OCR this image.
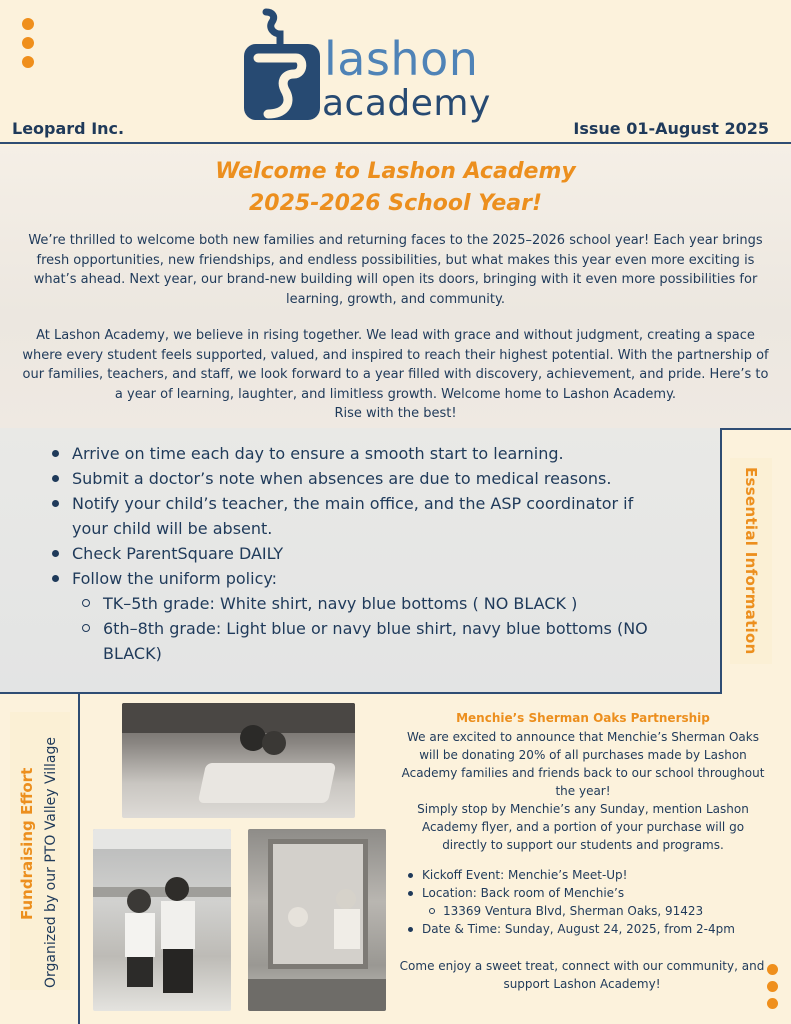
lashon
academy
Leopard Inc.	Issue 01-August 2025
Welcome to Lashon Academy
2025-2026 School Year!
We’re thrilled to welcome both new families and returning faces to the 2025–2026 school year! Each year brings fresh opportunities, new friendships, and endless possibilities, but what makes this year even more exciting is what’s ahead. Next year, our brand-new building will open its doors, bringing with it even more possibilities for learning, growth, and community.
At Lashon Academy, we believe in rising together. We lead with grace and without judgment, creating a space where every student feels supported, valued, and inspired to reach their highest potential. With the partnership of our families, teachers, and staff, we look forward to a year filled with discovery, achievement, and pride. Here’s to a year of learning, laughter, and limitless growth. Welcome home to Lashon Academy.
Rise with the best!
Arrive on time each day to ensure a smooth start to learning.
Submit a doctor’s note when absences are due to medical reasons.
Notify your child’s teacher, the main office, and the ASP coordinator if your child will be absent.
Check ParentSquare DAILY
Follow the uniform policy:
TK–5th grade: White shirt, navy blue bottoms ( NO BLACK )
6th–8th grade: Light blue or navy blue shirt, navy blue bottoms (NO BLACK)	Essential Information
Fundraising Effort Organized by our PTO Valley Village
Menchie’s Sherman Oaks Partnership
We are excited to announce that Menchie’s Sherman Oaks will be donating 20% of all purchases made by Lashon Academy families and friends back to our school throughout the year!
Simply stop by Menchie’s any Sunday, mention Lashon Academy flyer, and a portion of your purchase will go directly to support our students and programs.
Kickoff Event: Menchie’s Meet-Up!
Location: Back room of Menchie’s
13369 Ventura Blvd, Sherman Oaks, 91423
Date & Time: Sunday, August 24, 2025, from 2-4pm
Come enjoy a sweet treat, connect with our community, and support Lashon Academy!
